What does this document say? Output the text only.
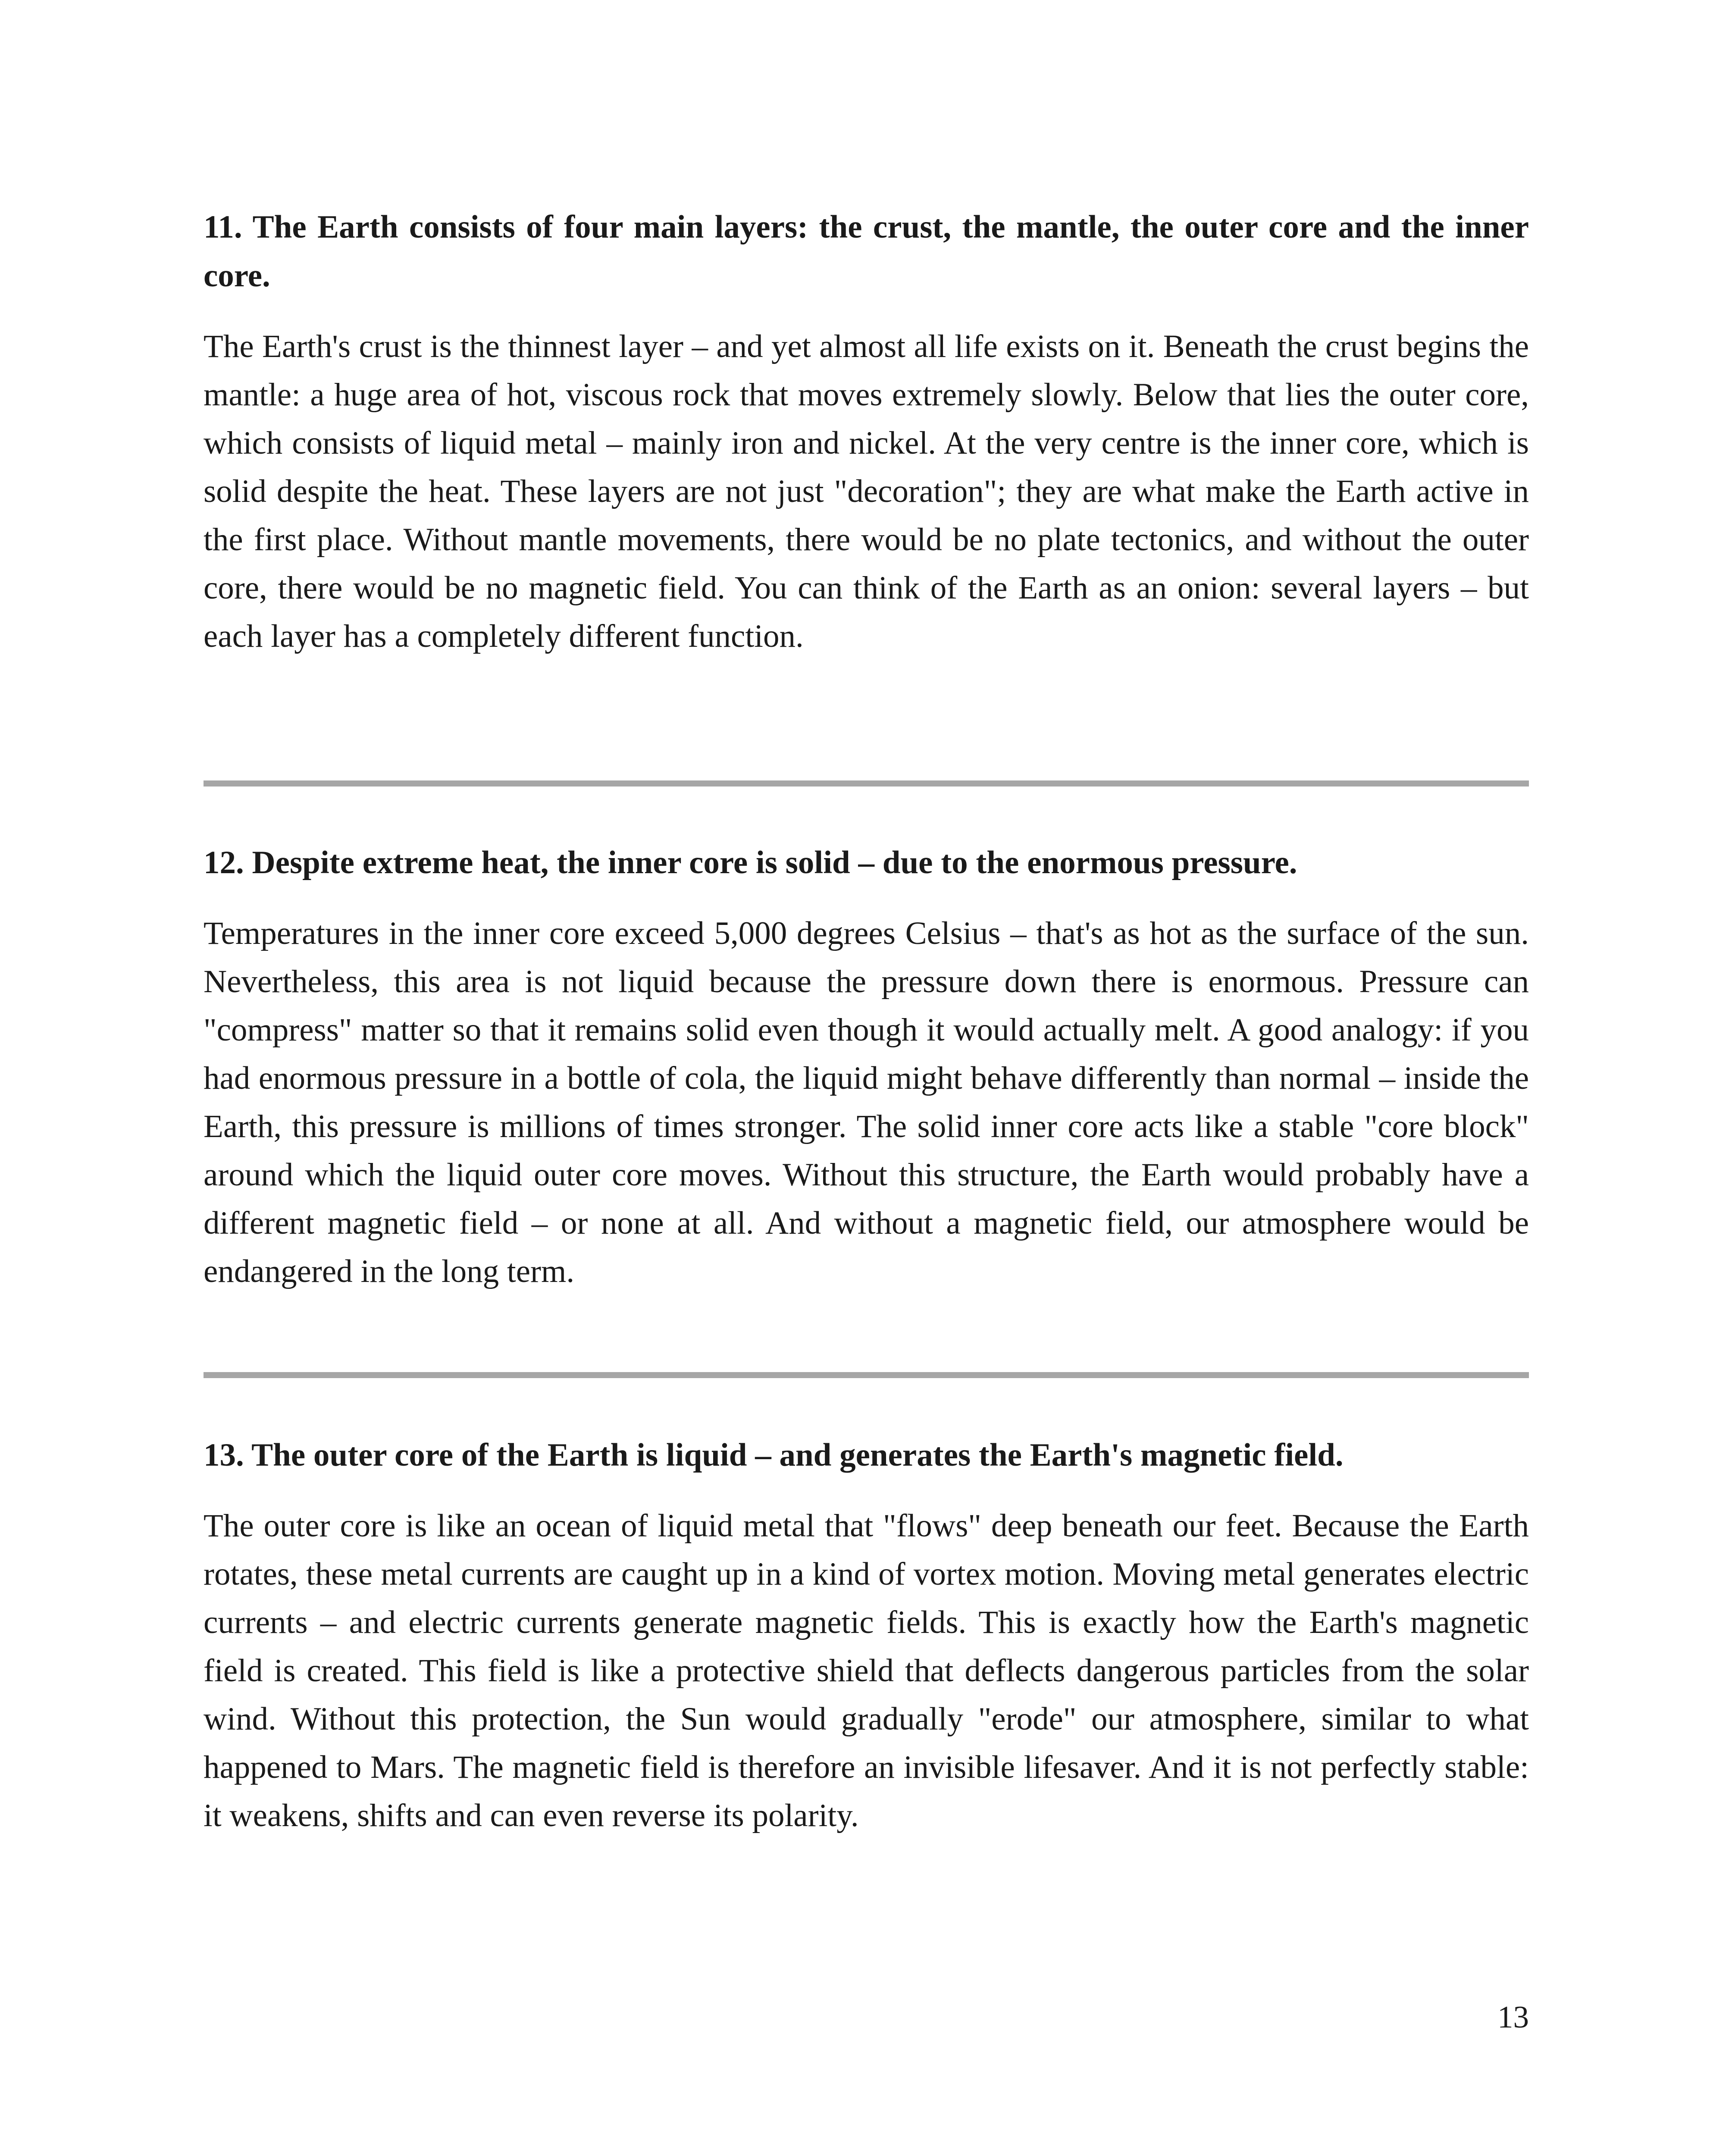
11. The Earth consists of four main layers: the crust, the mantle, the outer core and the inner core.

The Earth's crust is the thinnest layer – and yet almost all life exists on it. Beneath the crust begins the mantle: a huge area of hot, viscous rock that moves extremely slowly. Below that lies the outer core, which consists of liquid metal – mainly iron and nickel. At the very centre is the inner core, which is solid despite the heat. These layers are not just "decoration"; they are what make the Earth active in the first place. Without mantle movements, there would be no plate tectonics, and without the outer core, there would be no magnetic field. You can think of the Earth as an onion: several layers – but each layer has a completely different function.

12. Despite extreme heat, the inner core is solid – due to the enormous pressure.

Temperatures in the inner core exceed 5,000 degrees Celsius – that's as hot as the surface of the sun. Nevertheless, this area is not liquid because the pressure down there is enormous. Pressure can "compress" matter so that it remains solid even though it would actually melt. A good analogy: if you had enormous pressure in a bottle of cola, the liquid might behave differently than normal – inside the Earth, this pressure is millions of times stronger. The solid inner core acts like a stable "core block" around which the liquid outer core moves. Without this structure, the Earth would probably have a different magnetic field – or none at all. And without a magnetic field, our atmosphere would be endangered in the long term.

13. The outer core of the Earth is liquid – and generates the Earth's magnetic field.

The outer core is like an ocean of liquid metal that "flows" deep beneath our feet. Because the Earth rotates, these metal currents are caught up in a kind of vortex motion. Moving metal generates electric currents – and electric currents generate magnetic fields. This is exactly how the Earth's magnetic field is created. This field is like a protective shield that deflects dangerous particles from the solar wind. Without this protection, the Sun would gradually "erode" our atmosphere, similar to what happened to Mars. The magnetic field is therefore an invisible lifesaver. And it is not perfectly stable: it weakens, shifts and can even reverse its polarity.

13
